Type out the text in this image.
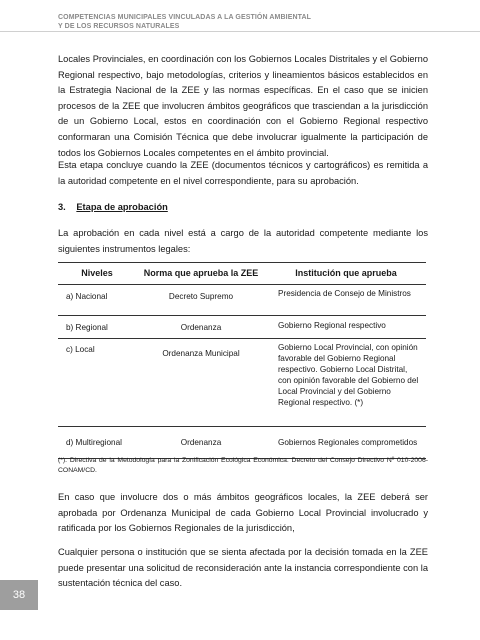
COMPETENCIAS MUNICIPALES VINCULADAS A LA GESTIÓN AMBIENTAL
Y DE LOS RECURSOS NATURALES

Locales Provinciales, en coordinación con los Gobiernos Locales Distritales y el Gobierno Regional respectivo, bajo metodologías, criterios y lineamientos básicos establecidos en la Estrategia Nacional de la ZEE y las normas específicas. En el caso que se inicien procesos de la ZEE que involucren ámbitos geográficos que trasciendan a la jurisdicción de un Gobierno Local, estos en coordinación con el Gobierno Regional respectivo conformaran una Comisión Técnica que debe involucrar igualmente la participación de todos los Gobiernos Locales competentes en el ámbito provincial.

Esta etapa concluye cuando la ZEE (documentos técnicos y cartográficos) es remitida a la autoridad competente en el nivel correspondiente, para su aprobación.

3. Etapa de aprobación

La aprobación en cada nivel está a cargo de la autoridad competente mediante los siguientes instrumentos legales:

Niveles	Norma que aprueba la ZEE	Institución que aprueba
a) Nacional	Decreto Supremo	Presidencia de Consejo de Ministros
b) Regional	Ordenanza	Gobierno Regional respectivo
c) Local	Ordenanza Municipal	Gobierno Local Provincial, con opinión favorable del Gobierno Regional respectivo. Gobierno Local Distrital, con opinión favorable del Gobierno del Local Provincial y del Gobierno Regional respectivo. (*)
d) Multiregional	Ordenanza	Gobiernos Regionales comprometidos

(*). Directiva de la Metodología para la Zonificación Ecológica Económica. Decreto del Consejo Directivo Nº 010-2006-CONAM/CD.

En caso que involucre dos o más ámbitos geográficos locales, la ZEE deberá ser aprobada por Ordenanza Municipal de cada Gobierno Local Provincial involucrado y ratificada por los Gobiernos Regionales de la jurisdicción,

Cualquier persona o institución que se sienta afectada por la decisión tomada en la ZEE puede presentar una solicitud de reconsideración ante la instancia correspondiente con la sustentación técnica del caso.

38
